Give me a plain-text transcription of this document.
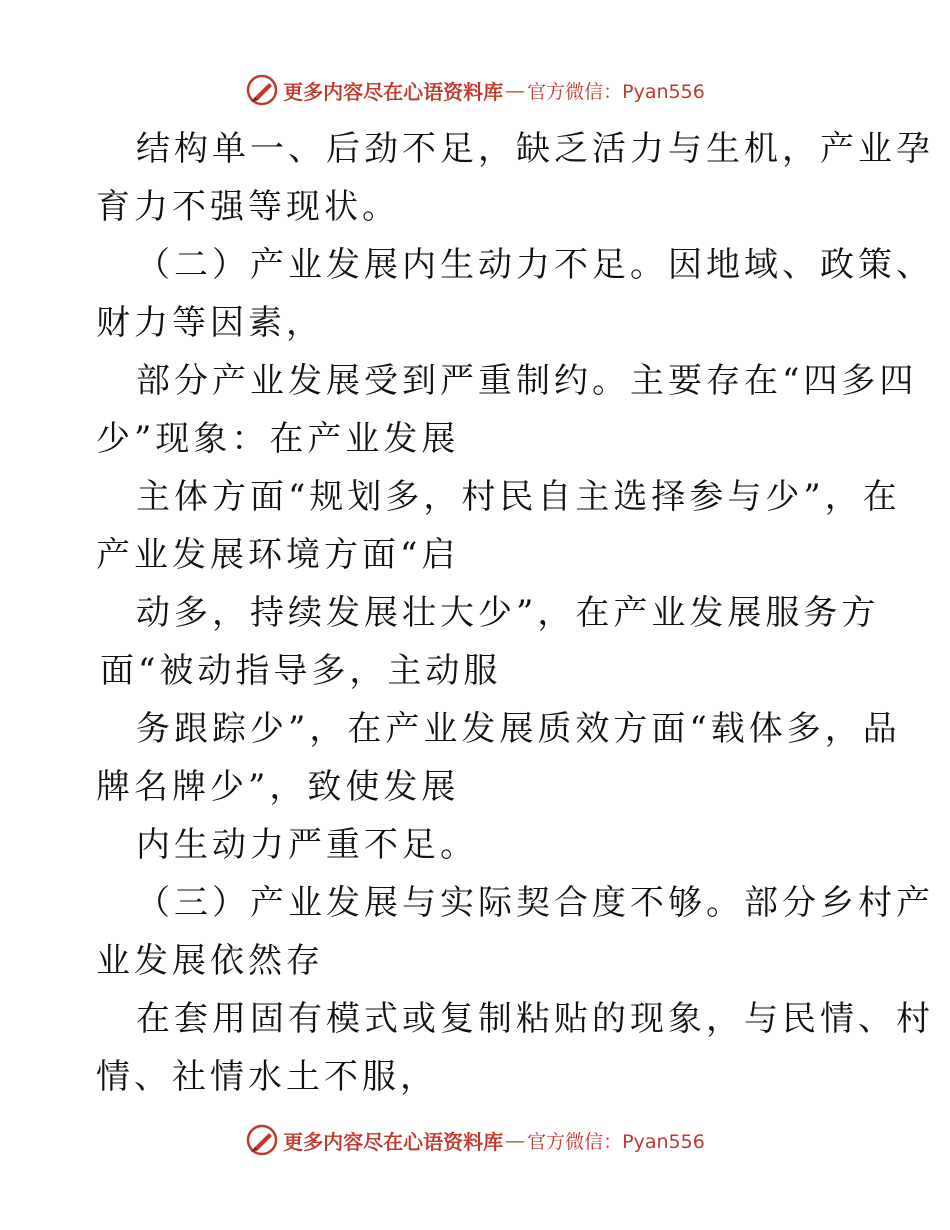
更多内容尽在心语资料库 — 官方微信：Pyan556
结构单一、后劲不足，缺乏活力与生机，产业孕
育力不强等现状。
（二）产业发展内生动力不足。因地域、政策、
财力等因素，
部分产业发展受到严重制约。主要存在“四多四
少”现象：在产业发展
主体方面“规划多，村民自主选择参与少”，在
产业发展环境方面“启
动多，持续发展壮大少”，在产业发展服务方
面“被动指导多，主动服
务跟踪少”，在产业发展质效方面“载体多，品
牌名牌少”，致使发展
内生动力严重不足。
（三）产业发展与实际契合度不够。部分乡村产
业发展依然存
在套用固有模式或复制粘贴的现象，与民情、村
情、社情水土不服，
更多内容尽在心语资料库 — 官方微信：Pyan556
